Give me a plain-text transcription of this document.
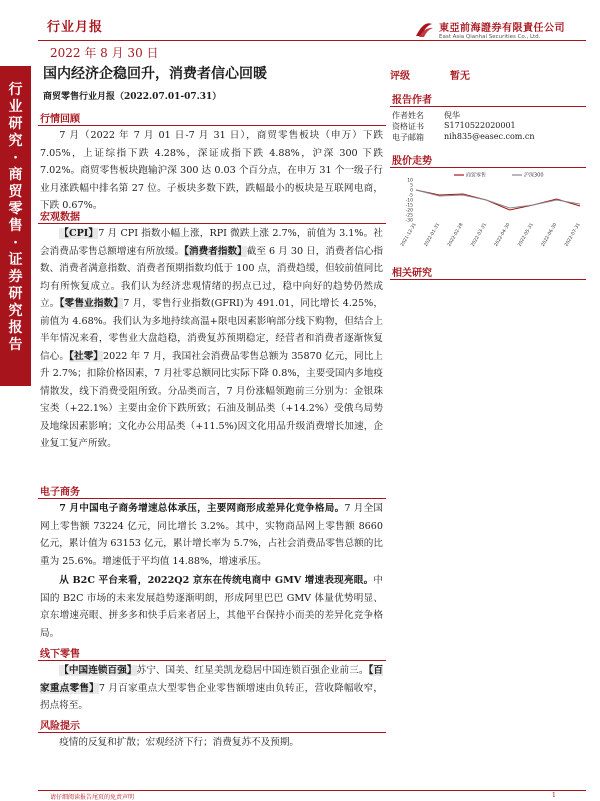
行业月报	東亞前海證券有限責任公司
East Asia Qianhai Securities Co., Ltd.
2022 年 8 月 30 日
行业研究·商贸零售·证券研究报告
国内经济企稳回升，消费者信心回暖
商贸零售行业月报（2022.07.01-07.31）
行情回顾
7 月（2022 年 7 月 01 日-7 月 31 日），商贸零售板块（申万）下跌 7.05%，上证综指下跌 4.28%，深证成指下跌 4.88%，沪深 300 下跌 7.02%。商贸零售板块跑输沪深 300 达 0.03 个百分点，在申万 31 个一级子行业月涨跌幅中排名第 27 位。子板块多数下跌，跌幅最小的板块是互联网电商，下跌 0.67%。
宏观数据
【CPI】7 月 CPI 指数小幅上涨，RPI 微跌上涨 2.7%，前值为 3.1%。社会消费品零售总额增速有所放缓。【消费者指数】截至 6 月 30 日，消费者信心指数、消费者满意指数、消费者预期指数均低于 100 点，消费趋缓，但较前值同比均有所恢复成立。我们认为经济悲观情绪的拐点已过，稳中向好的趋势仍然成立。【零售业指数】7 月，零售行业指数(GFRI)为 491.01，同比增长 4.25%，前值为 4.68%。我们认为多地持续高温+限电因素影响部分线下购物，但结合上半年情况来看，零售业大盘趋稳，消费复苏预期稳定，经营者和消费者逐渐恢复信心。【社零】2022 年 7 月，我国社会消费品零售总额为 35870 亿元，同比上升 2.7%；扣除价格因素，7 月社零总额同比实际下降 0.8%，主要受国内多地疫情散发，线下消费受阻所致。分品类而言，7 月份涨幅领跑前三分别为：金银珠宝类（+22.1%）主要由金价下跌所致；石油及制品类（+14.2%）受俄乌局势及地缘因素影响；文化办公用品类（+11.5%)因文化用品升级消费增长加速，企业复工复产所致。
电子商务
7 月中国电子商务增速总体承压，主要网商形成差异化竞争格局。7 月全国网上零售额 73224 亿元，同比增长 3.2%。其中，实物商品网上零售额 8660 亿元，累计值为 63153 亿元，累计增长率为 5.7%，占社会消费品零售总额的比重为 25.6%。增速低于平均值 14.88%，增速承压。
从 B2C 平台来看，2022Q2 京东在传统电商中 GMV 增速表现亮眼。中国的 B2C 市场的未来发展趋势逐渐明朗，形成阿里巴巴 GMV 体量优势明显、京东增速亮眼、拼多多和快手后来者居上，其他平台保持小而美的差异化竞争格局。
线下零售
【中国连锁百强】苏宁、国美、红星美凯龙稳居中国连锁百强企业前三。【百家重点零售】7 月百家重点大型零售企业零售额增速由负转正，营收降幅收窄，拐点将至。
风险提示
疫情的反复和扩散；宏观经济下行；消费复苏不及预期。
评级	暂无
报告作者
作者姓名	倪华
资格证书	S1710522020001
电子邮箱	nih835@easec.com.cn
股价走势
10
5
0
-5
-10
-15
-20
-25
-30
2021-12-31 2022-01-31 2022-02-28 2022-03-31 2022-04-30 2022-05-31 2022-06-30 2022-07-31
商贸零售	沪深300
相关研究
请仔细阅读报告尾页的免责声明	1
